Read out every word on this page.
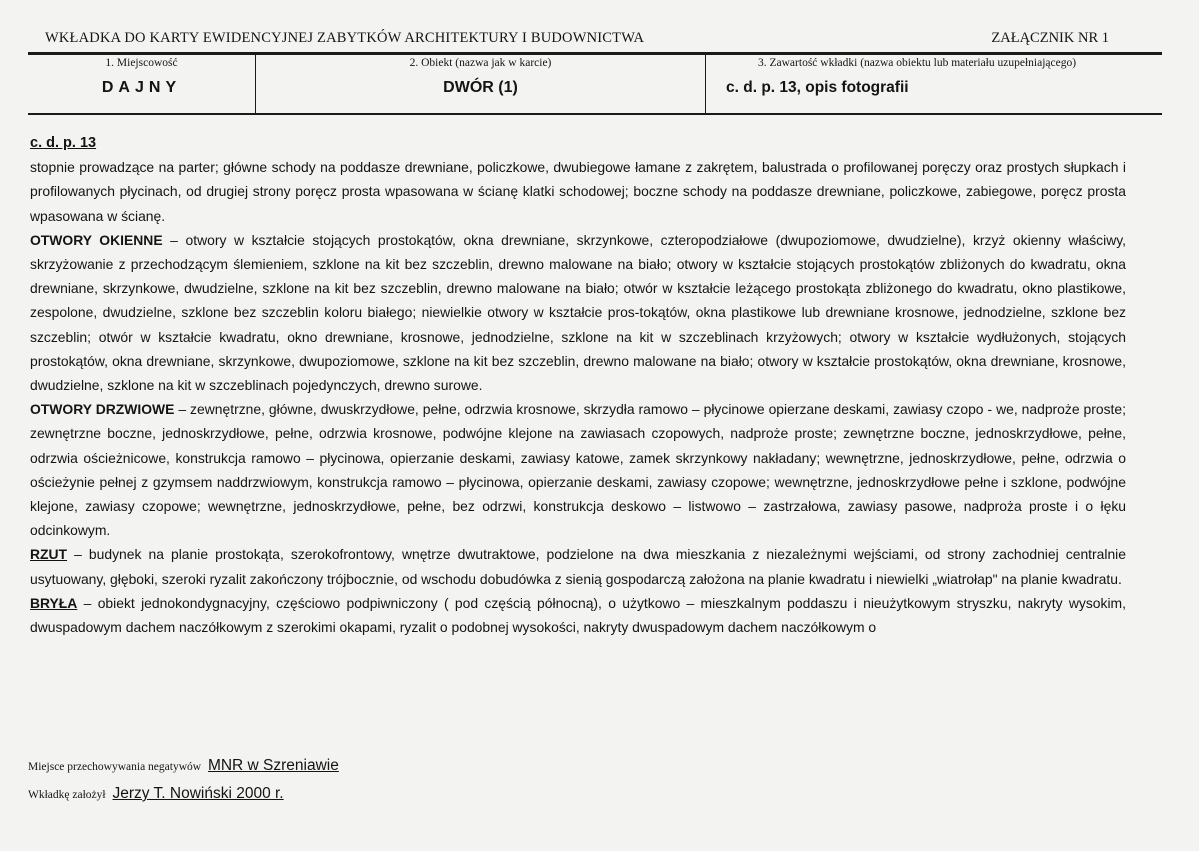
WKŁADKA DO KARTY EWIDENCYJNEJ ZABYTKÓW ARCHITEKTURY I BUDOWNICTWA	ZAŁĄCZNIK NR 1
1. Miejscowość
DAJNY
2. Obiekt (nazwa jak w karcie)
DWÓR (1)
3. Zawartość wkładki (nazwa obiektu lub materiału uzupełniającego)
c. d. p. 13, opis fotografii
c. d. p. 13

stopnie prowadzące na parter; główne schody na poddasze drewniane, policzkowe, dwubiegowe łamane z zakrętem, balustrada o profilowanej poręczy oraz prostych słupkach i profilowanych płycinach, od drugiej strony poręcz prosta wpasowana w ścianę klatki schodowej; boczne schody na poddasze drewniane, policzkowe, zabiegowe, poręcz prosta wpasowana w ścianę.

OTWORY OKIENNE – otwory w kształcie stojących prostokątów, okna drewniane, skrzynkowe, czteropodziałowe (dwupoziomowe, dwudzielne), krzyż okienny właściwy, skrzyżowanie z przechodzącym ślemieniem, szklone na kit bez szczeblin, drewno malowane na biało; otwory w kształcie stojących prostokątów zbliżonych do kwadratu, okna drewniane, skrzynkowe, dwudzielne, szklone na kit bez szczeblin, drewno malowane na biało; otwór w kształcie leżącego prostokąta zbliżonego do kwadratu, okno plastikowe, zespolone, dwudzielne, szklone bez szczeblin koloru białego; niewielkie otwory w kształcie pros-tokątów, okna plastikowe lub drewniane krosnowe, jednodzielne, szklone bez szczeblin; otwór w kształcie kwadratu, okno drewniane, krosnowe, jednodzielne, szklone na kit w szczeblinach krzyżowych; otwory w kształcie wydłużonych, stojących prostokątów, okna drewniane, skrzynkowe, dwupoziomowe, szklone na kit bez szczeblin, drewno malowane na biało; otwory w kształcie prostokątów, okna drewniane, krosnowe, dwudzielne, szklone na kit w szczeblinach pojedynczych, drewno surowe.

OTWORY DRZWIOWE – zewnętrzne, główne, dwuskrzydłowe, pełne, odrzwia krosnowe, skrzydła ramowo – płycinowe opierzane deskami, zawiasy czopo - we, nadproże proste; zewnętrzne boczne, jednoskrzydłowe, pełne, odrzwia krosnowe, podwójne klejone na zawiasach czopowych, nadproże proste; zewnętrzne boczne, jednoskrzydłowe, pełne, odrzwia ościeżnicowe, konstrukcja ramowo – płycinowa, opierzanie deskami, zawiasy katowe, zamek skrzynkowy nakładany; wewnętrzne, jednoskrzydłowe, pełne, odrzwia o ościeżynie pełnej z gzymsem naddrzwiowym, konstrukcja ramowo – płycinowa, opierzanie deskami, zawiasy czopowe; wewnętrzne, jednoskrzydłowe pełne i szklone, podwójne klejone, zawiasy czopowe; wewnętrzne, jednoskrzydłowe, pełne, bez odrzwi, konstrukcja deskowo – listwowo – zastrzałowa, zawiasy pasowe, nadproża proste i o łęku odcinkowym.

RZUT – budynek na planie prostokąta, szerokofrontowy, wnętrze dwutraktowe, podzielone na dwa mieszkania z niezależnymi wejściami, od strony zachodniej centralnie usytuowany, głęboki, szeroki ryzalit zakończony trójbocznie, od wschodu dobudówka z sienią gospodarczą założona na planie kwadratu i niewielki „wiatrołap" na planie kwadratu.

BRYŁA – obiekt jednokondygnacyjny, częściowo podpiwniczony ( pod częścią północną), o użytkowo – mieszkalnym poddaszu i nieużytkowym stryszku, nakryty wysokim, dwuspadowym dachem naczółkowym z szerokimi okapami, ryzalit o podobnej wysokości, nakryty dwuspadowym dachem naczółkowym o

Miejsce przechowywania negatywów MNR w Szreniawie
Wkładkę założył Jerzy T. Nowiński 2000 r.
